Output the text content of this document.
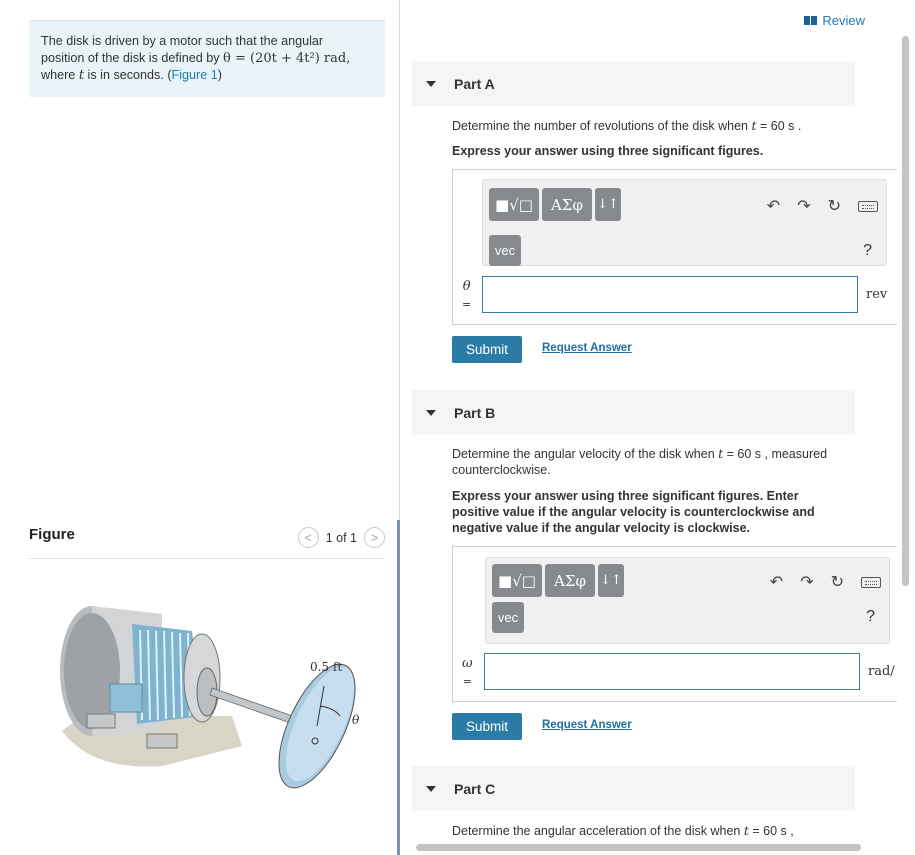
The disk is driven by a motor such that the angular
position of the disk is defined by θ = (20t + 4t²) rad,
where t is in seconds. (Figure 1)
Figure	<	1 of 1	>
0.5 ft
θ
Review
Part A
Determine the number of revolutions of the disk when t = 60 s .
Express your answer using three significant figures.
■√□	ΑΣφ	↓↑
vec
↶ ↷ ↻
?
θ
=
rev
Submit	Request Answer
Part B
Determine the angular velocity of the disk when t = 60 s , measured
counterclockwise.
Express your answer using three significant figures. Enter
positive value if the angular velocity is counterclockwise and
negative value if the angular velocity is clockwise.
■√□	ΑΣφ	↓↑
vec
↶ ↷ ↻
?
ω
=
rad/
Submit	Request Answer
Part C
Determine the angular acceleration of the disk when t = 60 s ,
